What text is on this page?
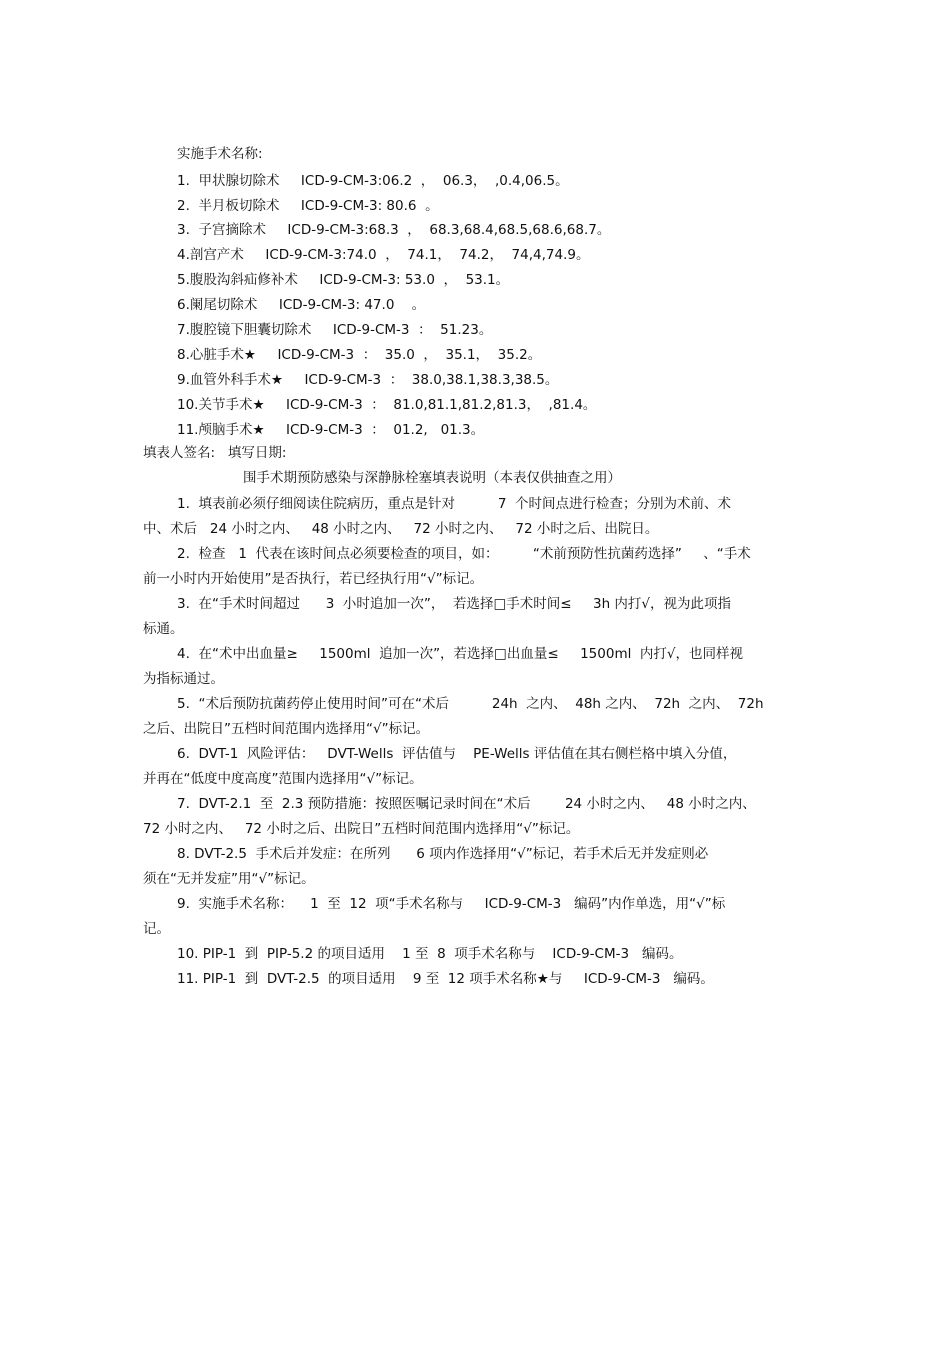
实施手术名称:
1.  甲状腺切除术     ICD-9-CM-3:06.2  ，  06.3，  ,0.4,06.5。
2.  半月板切除术     ICD-9-CM-3: 80.6  。
3.  子宫摘除术     ICD-9-CM-3:68.3  ，  68.3,68.4,68.5,68.6,68.7。
4.剖宫产术     ICD-9-CM-3:74.0  ，  74.1，  74.2，  74,4,74.9。
5.腹股沟斜疝修补术     ICD-9-CM-3: 53.0  ，  53.1。
6.阑尾切除术     ICD-9-CM-3: 47.0    。
7.腹腔镜下胆囊切除术     ICD-9-CM-3  ：  51.23。
8.心脏手术★     ICD-9-CM-3  ：  35.0  ，  35.1，  35.2。
9.血管外科手术★     ICD-9-CM-3  ：  38.0,38.1,38.3,38.5。
10.关节手术★     ICD-9-CM-3  ：  81.0,81.1,81.2,81.3，  ,81.4。
11.颅脑手术★     ICD-9-CM-3  ：  01.2,   01.3。
填表人签名:   填写日期:
围手术期预防感染与深静脉栓塞填表说明（本表仅供抽查之用）
1.  填表前必须仔细阅读住院病历，重点是针对          7  个时间点进行检查；分别为术前、术
中、术后   24 小时之内、   48 小时之内、   72 小时之内、   72 小时之后、出院日。
2.  检查   1  代表在该时间点必须要检查的项目，如：        “术前预防性抗菌药选择”     、“手术
前一小时内开始使用”是否执行，若已经执行用“√”标记。
3.  在“手术时间超过      3  小时追加一次”，  若选择□手术时间≤     3h 内打√，视为此项指
标通。
4.  在“术中出血量≥     1500ml  追加一次”，若选择□出血量≤     1500ml  内打√，也同样视
为指标通过。
5.  “术后预防抗菌药停止使用时间”可在“术后          24h  之内、  48h 之内、  72h  之内、  72h
之后、出院日”五档时间范围内选择用“√”标记。
6.  DVT-1  风险评估：   DVT-Wells  评估值与    PE-Wells 评估值在其右侧栏格中填入分值，
并再在“低度中度高度”范围内选择用“√”标记。
7.  DVT-2.1  至  2.3 预防措施：按照医嘱记录时间在“术后        24 小时之内、   48 小时之内、
72 小时之内、   72 小时之后、出院日”五档时间范围内选择用“√”标记。
8. DVT-2.5  手术后并发症：在所列      6 项内作选择用“√”标记，若手术后无并发症则必
须在“无并发症”用“√”标记。
9.  实施手术名称：    1  至  12  项“手术名称与     ICD-9-CM-3   编码”内作单选，用“√”标
记。
10. PIP-1  到  PIP-5.2 的项目适用    1 至  8  项手术名称与    ICD-9-CM-3   编码。
11. PIP-1  到  DVT-2.5  的项目适用    9 至  12 项手术名称★与     ICD-9-CM-3   编码。
